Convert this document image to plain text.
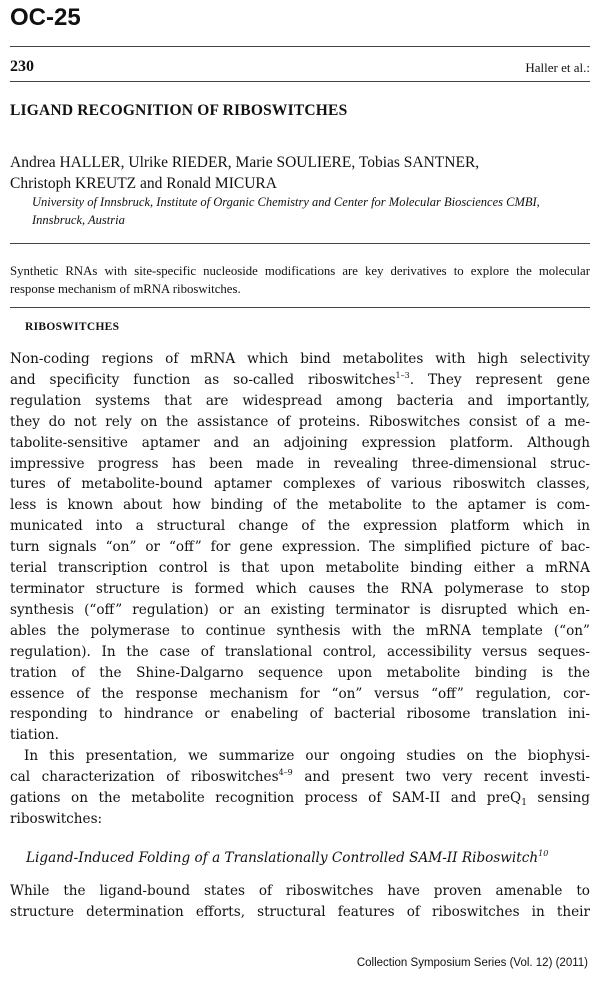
OC-25
230	Haller et al.:
LIGAND RECOGNITION OF RIBOSWITCHES
Andrea HALLER, Ulrike RIEDER, Marie SOULIERE, Tobias SANTNER,
Christoph KREUTZ and Ronald MICURA
University of Innsbruck, Institute of Organic Chemistry and Center for Molecular Biosciences CMBI,
Innsbruck, Austria
Synthetic RNAs with site-specific nucleoside modifications are key derivatives to explore the molecular response mechanism of mRNA riboswitches.
RIBOSWITCHES

Non-coding regions of mRNA which bind metabolites with high selectivity
and specificity function as so-called riboswitches$^{1-3}$. They represent gene
regulation systems that are widespread among bacteria and importantly,
they do not rely on the assistance of proteins. Riboswitches consist of a me-
tabolite-sensitive aptamer and an adjoining expression platform. Although
impressive progress has been made in revealing three-dimensional struc-
tures of metabolite-bound aptamer complexes of various riboswitch classes,
less is known about how binding of the metabolite to the aptamer is com-
municated into a structural change of the expression platform which in
turn signals “on” or “off” for gene expression. The simplified picture of bac-
terial transcription control is that upon metabolite binding either a mRNA
terminator structure is formed which causes the RNA polymerase to stop
synthesis (“off” regulation) or an existing terminator is disrupted which en-
ables the polymerase to continue synthesis with the mRNA template (“on”
regulation). In the case of translational control, accessibility versus seques-
tration of the Shine-Dalgarno sequence upon metabolite binding is the
essence of the response mechanism for “on” versus “off” regulation, cor-
responding to hindrance or enabeling of bacterial ribosome translation ini-
tiation.

In this presentation, we summarize our ongoing studies on the biophysi-
cal characterization of riboswitches$^{4-9}$ and present two very recent investi-
gations on the metabolite recognition process of SAM-II and preQ$_1$ sensing
riboswitches:

Ligand-Induced Folding of a Translationally Controlled SAM-II Riboswitch$^{10}$

While the ligand-bound states of riboswitches have proven amenable to
structure determination efforts, structural features of riboswitches in their

Collection Symposium Series (Vol. 12) (2011)
